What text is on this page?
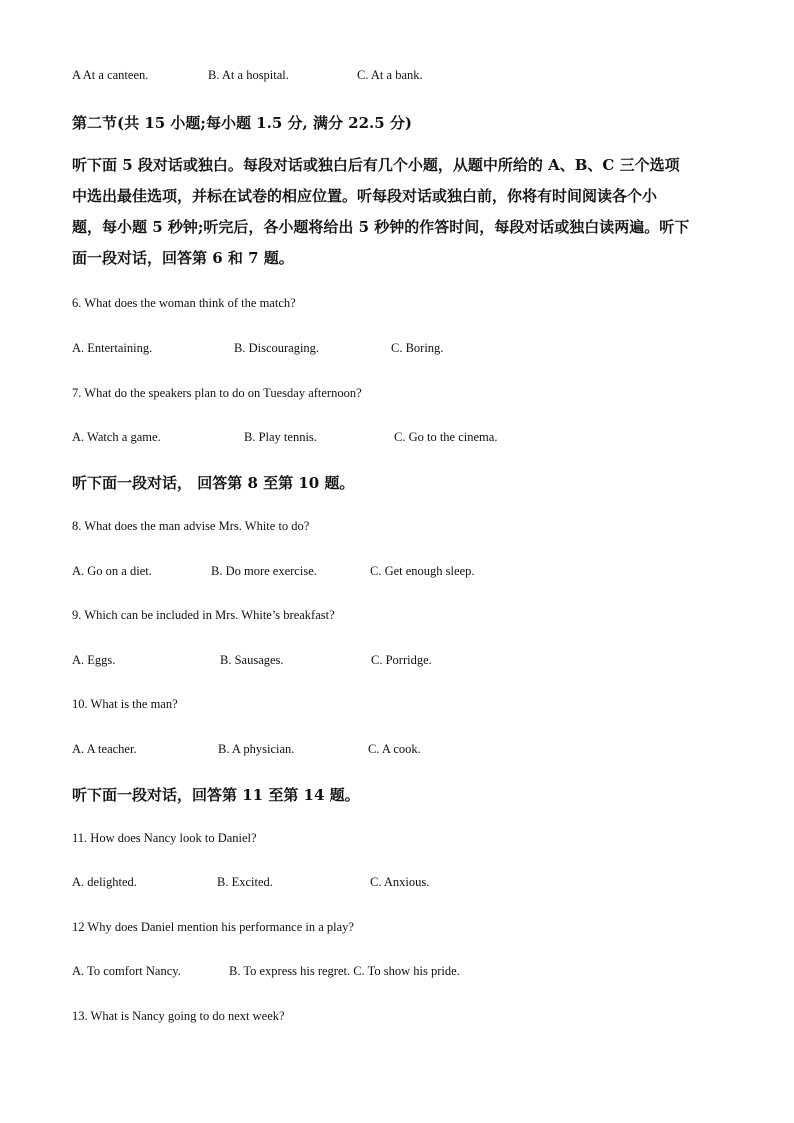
A At a canteen.	B. At a hospital.	C. At a bank.
第二节(共 15 小题;每小题 1.5 分, 满分 22.5 分)
听下面 5 段对话或独白。每段对话或独白后有几个小题，从题中所给的 A、B、C 三个选项
中选出最佳选项，并标在试卷的相应位置。听每段对话或独白前，你将有时间阅读各个小
题，每小题 5 秒钟;听完后，各小题将给出 5 秒钟的作答时间，每段对话或独白读两遍。听下
面一段对话，回答第 6 和 7 题。
6. What does the woman think of the match?
A. Entertaining.	B. Discouraging.	C. Boring.
7. What do the speakers plan to do on Tuesday afternoon?
A. Watch a game.	B. Play tennis.	C. Go to the cinema.
听下面一段对话， 回答第 8 至第 10 题。
8. What does the man advise Mrs. White to do?
A. Go on a diet.	B. Do more exercise.	C. Get enough sleep.
9. Which can be included in Mrs. White’s breakfast?
A. Eggs.	B. Sausages.	C. Porridge.
10. What is the man?
A. A teacher.	B. A physician.	C. A cook.
听下面一段对话，回答第 11 至第 14 题。
11. How does Nancy look to Daniel?
A. delighted.	B. Excited.	C. Anxious.
12 Why does Daniel mention his performance in a play?
A. To comfort Nancy.	B. To express his regret. C. To show his pride.
13. What is Nancy going to do next week?
